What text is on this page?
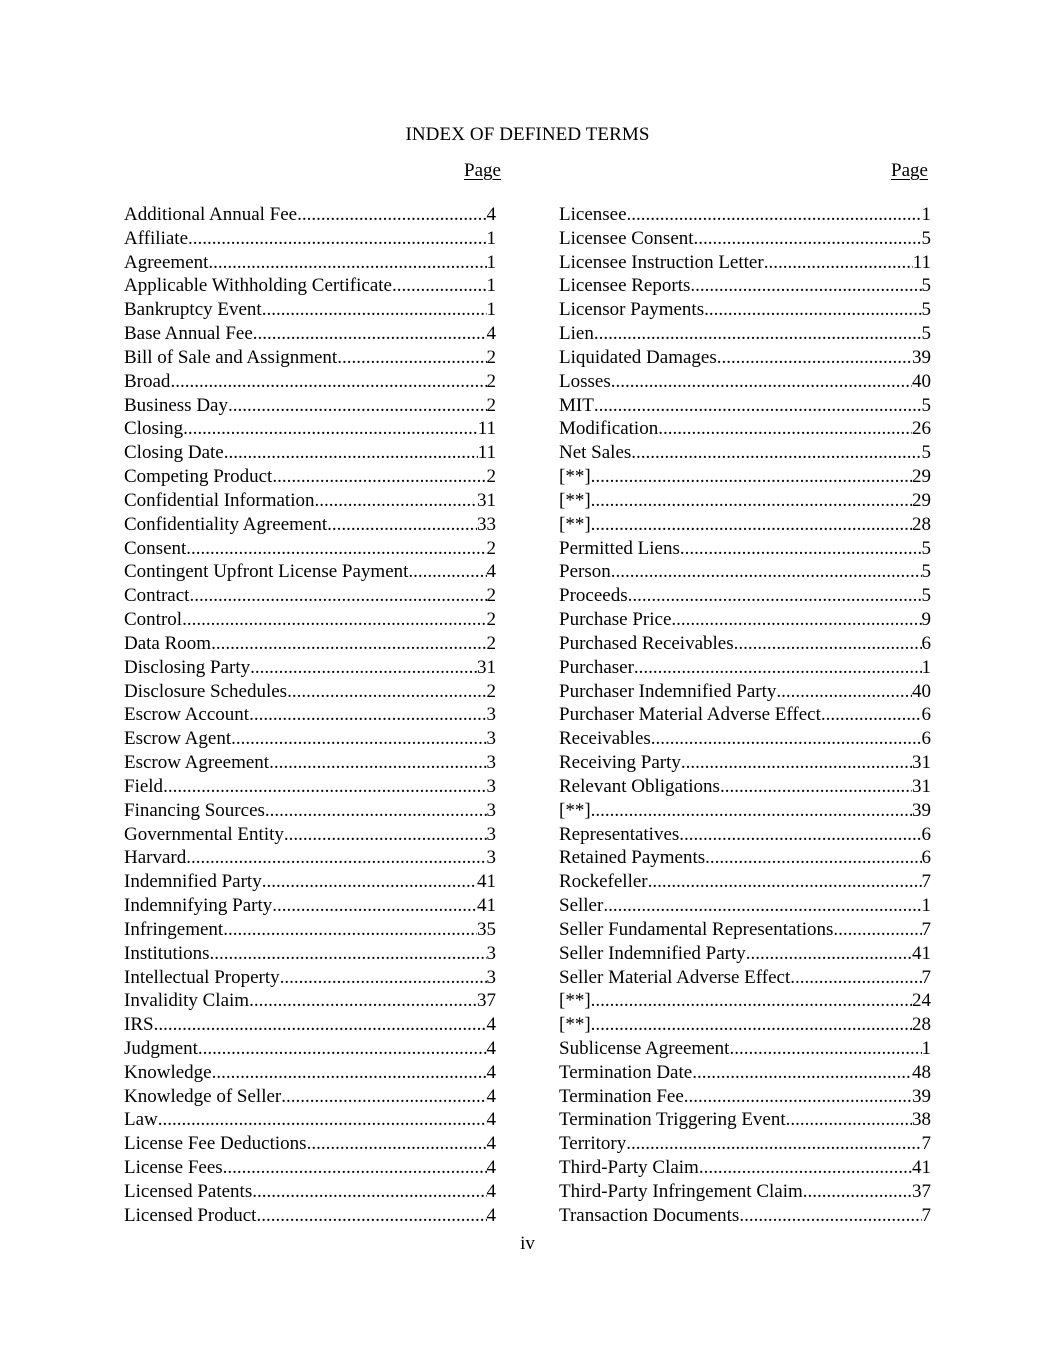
INDEX OF DEFINED TERMS
Page	Page
Additional Annual Fee .....	4
Affiliate .....	1
Agreement .....	1
Applicable Withholding Certificate .....	1
Bankruptcy Event .....	1
Base Annual Fee .....	4
Bill of Sale and Assignment .....	2
Broad .....	2
Business Day .....	2
Closing .....	11
Closing Date .....	11
Competing Product .....	2
Confidential Information .....	31
Confidentiality Agreement .....	33
Consent .....	2
Contingent Upfront License Payment .....	4
Contract .....	2
Control .....	2
Data Room .....	2
Disclosing Party .....	31
Disclosure Schedules .....	2
Escrow Account .....	3
Escrow Agent .....	3
Escrow Agreement .....	3
Field .....	3
Financing Sources .....	3
Governmental Entity .....	3
Harvard .....	3
Indemnified Party .....	41
Indemnifying Party .....	41
Infringement .....	35
Institutions .....	3
Intellectual Property .....	3
Invalidity Claim .....	37
IRS .....	4
Judgment .....	4
Knowledge .....	4
Knowledge of Seller .....	4
Law .....	4
License Fee Deductions .....	4
License Fees .....	4
Licensed Patents .....	4
Licensed Product .....	4
Licensee .....	1
Licensee Consent .....	5
Licensee Instruction Letter .....	11
Licensee Reports .....	5
Licensor Payments .....	5
Lien .....	5
Liquidated Damages .....	39
Losses .....	40
MIT .....	5
Modification .....	26
Net Sales .....	5
[**] .....	29
[**] .....	29
[**] .....	28
Permitted Liens .....	5
Person .....	5
Proceeds .....	5
Purchase Price .....	9
Purchased Receivables .....	6
Purchaser .....	1
Purchaser Indemnified Party .....	40
Purchaser Material Adverse Effect .....	6
Receivables .....	6
Receiving Party .....	31
Relevant Obligations .....	31
[**] .....	39
Representatives .....	6
Retained Payments .....	6
Rockefeller .....	7
Seller .....	1
Seller Fundamental Representations .....	7
Seller Indemnified Party .....	41
Seller Material Adverse Effect .....	7
[**] .....	24
[**] .....	28
Sublicense Agreement .....	1
Termination Date .....	48
Termination Fee .....	39
Termination Triggering Event .....	38
Territory .....	7
Third-Party Claim .....	41
Third-Party Infringement Claim .....	37
Transaction Documents .....	7
iv
